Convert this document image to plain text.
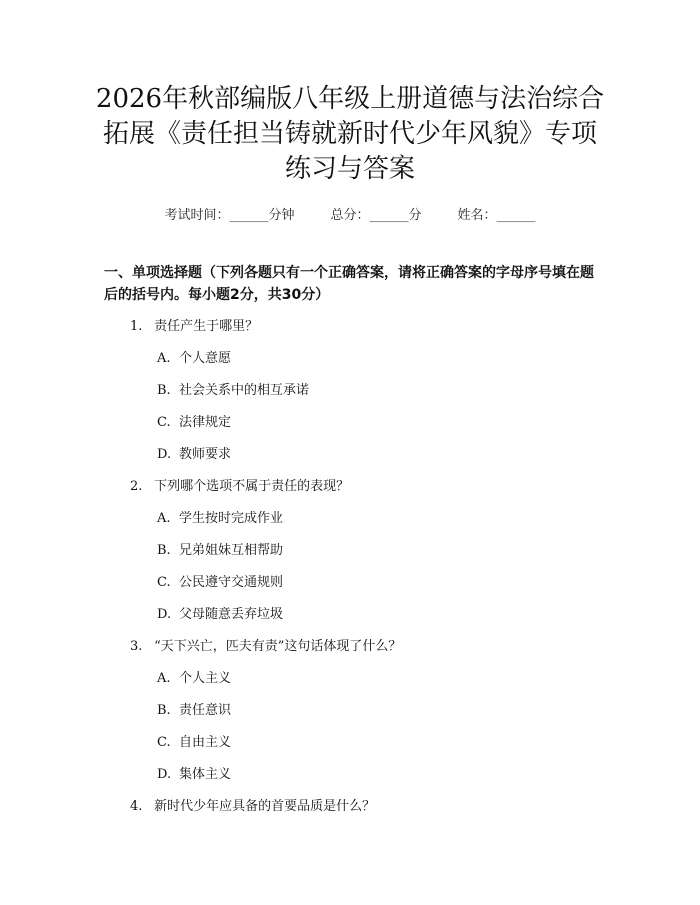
2026年秋部编版八年级上册道德与法治综合
拓展《责任担当铸就新时代少年风貌》专项
练习与答案
考试时间：______分钟	总分：______分	姓名：______

一、单项选择题（下列各题只有一个正确答案，请将正确答案的字母序号填在题后的括号内。每小题2分，共30分）

1. 责任产生于哪里？
A. 个人意愿
B. 社会关系中的相互承诺
C. 法律规定
D. 教师要求
2. 下列哪个选项不属于责任的表现？
A. 学生按时完成作业
B. 兄弟姐妹互相帮助
C. 公民遵守交通规则
D. 父母随意丢弃垃圾
3. “天下兴亡，匹夫有责”这句话体现了什么？
A. 个人主义
B. 责任意识
C. 自由主义
D. 集体主义
4. 新时代少年应具备的首要品质是什么？
